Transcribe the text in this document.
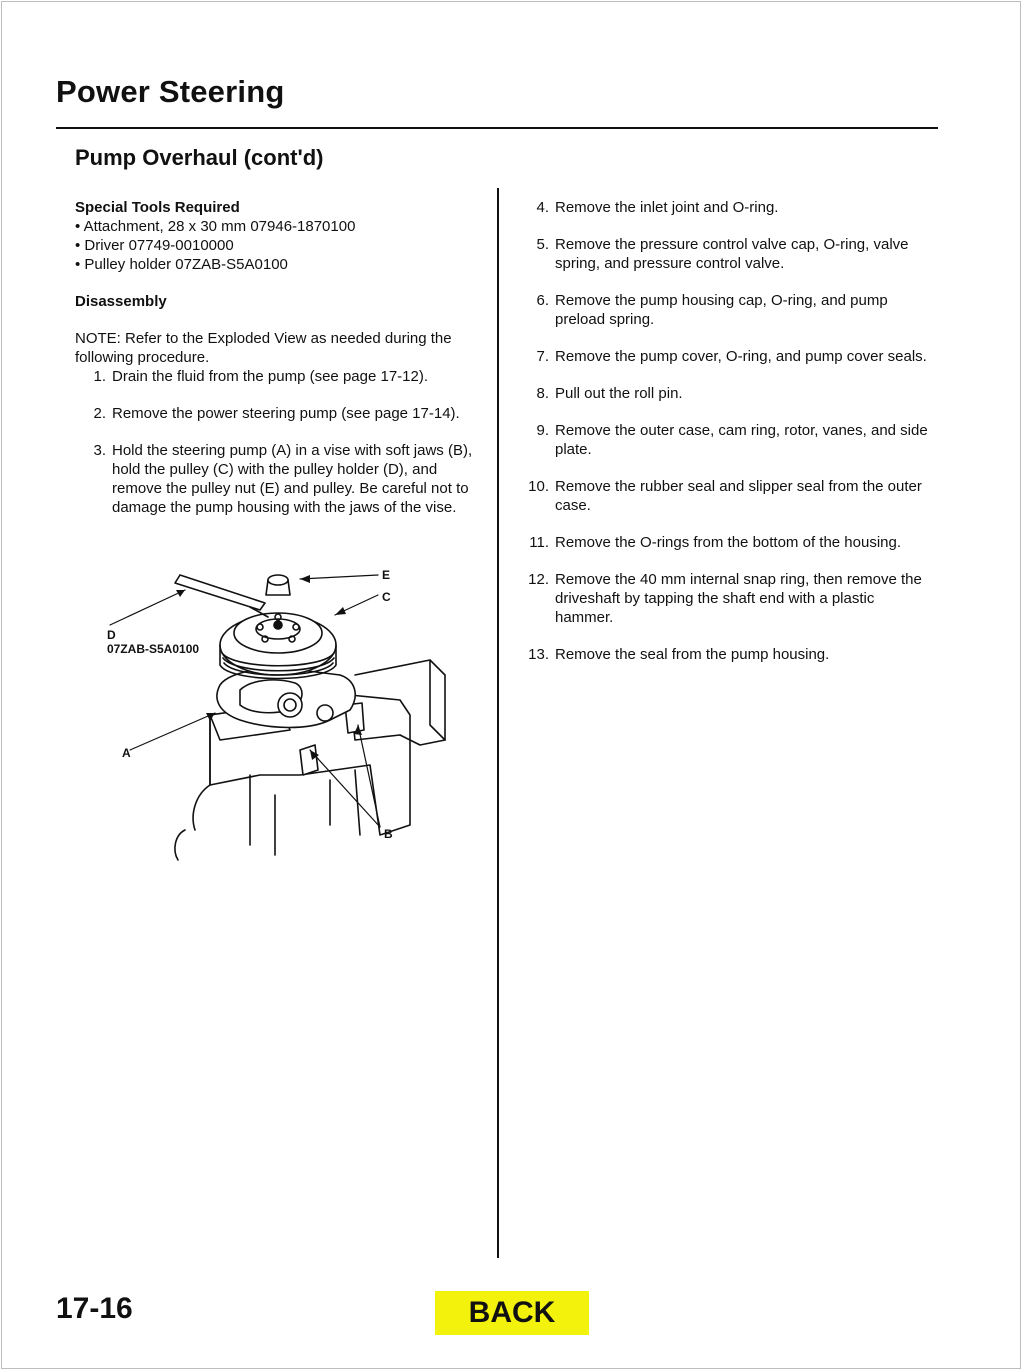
Power Steering
Pump Overhaul (cont'd)
Special Tools Required
• Attachment, 28 x 30 mm 07946-1870100
• Driver 07749-0010000
• Pulley holder 07ZAB-S5A0100
Disassembly
NOTE: Refer to the Exploded View as needed during the following procedure.
1. Drain the fluid from the pump (see page 17-12).
2. Remove the power steering pump (see page 17-14).
3. Hold the steering pump (A) in a vise with soft jaws (B), hold the pulley (C) with the pulley holder (D), and remove the pulley nut (E) and pulley. Be careful not to damage the pump housing with the jaws of the vise.
E
C
D
07ZAB-S5A0100
A
B
4. Remove the inlet joint and O-ring.
5. Remove the pressure control valve cap, O-ring, valve spring, and pressure control valve.
6. Remove the pump housing cap, O-ring, and pump preload spring.
7. Remove the pump cover, O-ring, and pump cover seals.
8. Pull out the roll pin.
9. Remove the outer case, cam ring, rotor, vanes, and side plate.
10. Remove the rubber seal and slipper seal from the outer case.
11. Remove the O-rings from the bottom of the housing.
12. Remove the 40 mm internal snap ring, then remove the driveshaft by tapping the shaft end with a plastic hammer.
13. Remove the seal from the pump housing.
17-16	BACK
